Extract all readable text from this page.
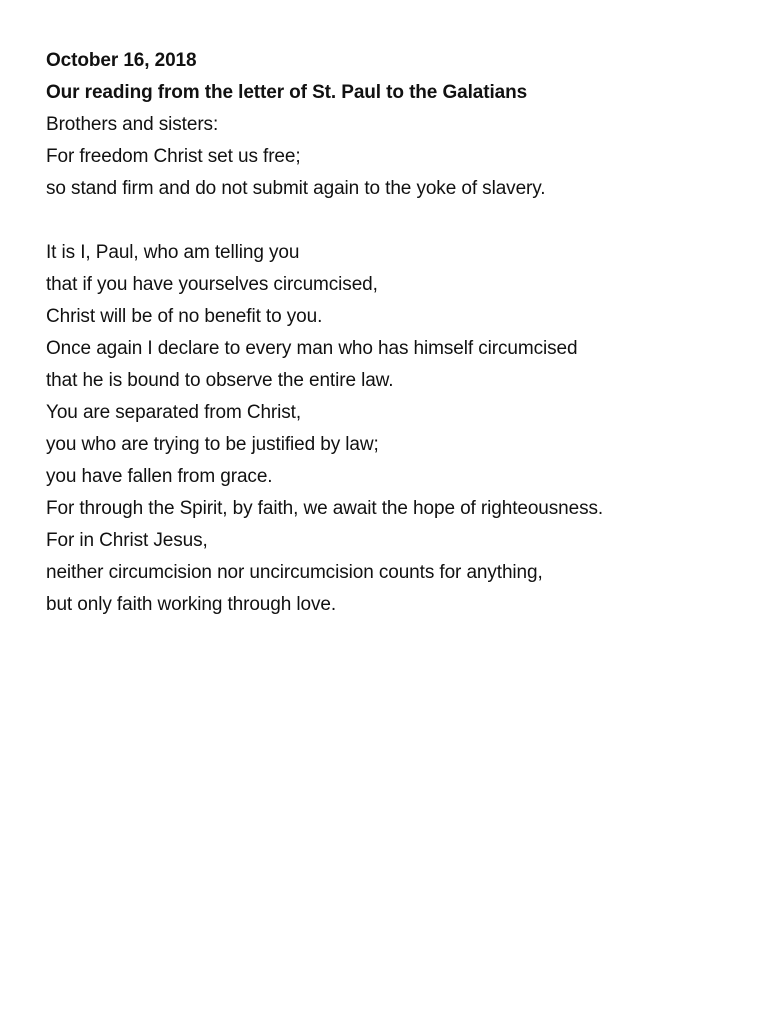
October 16, 2018
Our reading from the letter of St. Paul to the Galatians
Brothers and sisters:
For freedom Christ set us free;
so stand firm and do not submit again to the yoke of slavery.
It is I, Paul, who am telling you
that if you have yourselves circumcised,
Christ will be of no benefit to you.
Once again I declare to every man who has himself circumcised
that he is bound to observe the entire law.
You are separated from Christ,
you who are trying to be justified by law;
you have fallen from grace.
For through the Spirit, by faith, we await the hope of righteousness.
For in Christ Jesus,
neither circumcision nor uncircumcision counts for anything,
but only faith working through love.
